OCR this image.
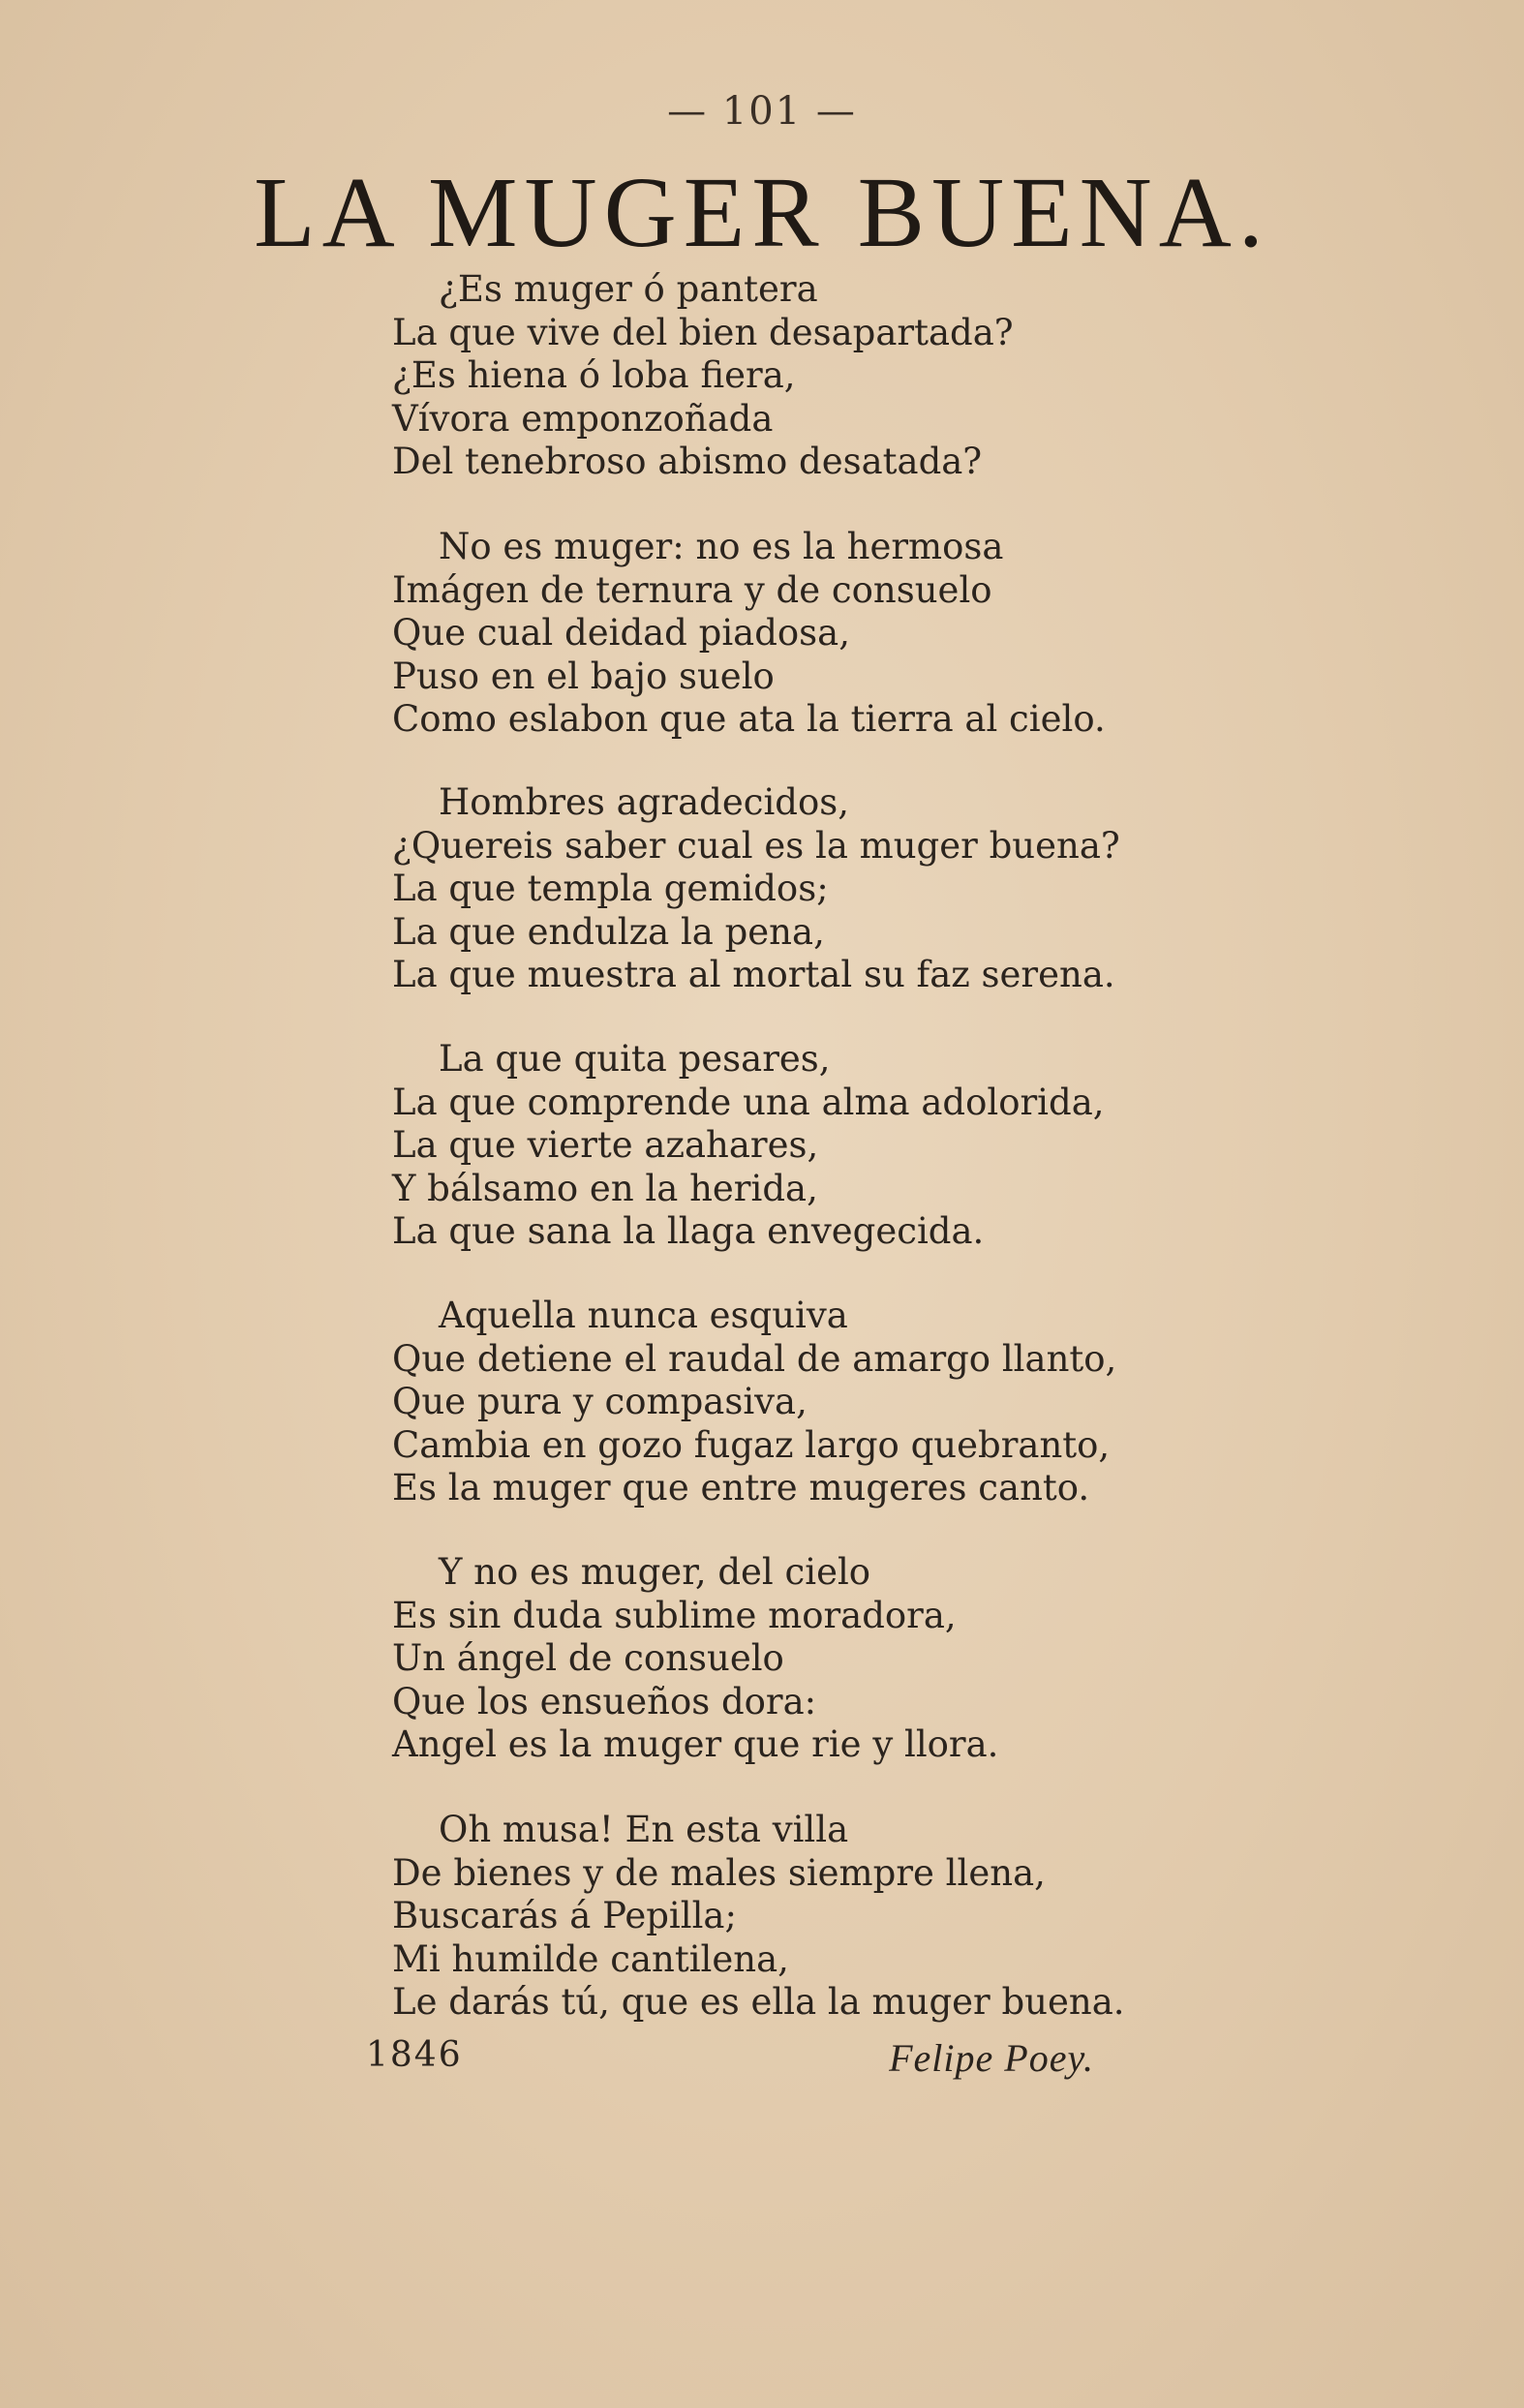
— 101 —
LA MUGER BUENA.
¿Es muger ó pantera
La que vive del bien desapartada?
¿Es hiena ó loba fiera,
Vívora emponzoñada
Del tenebroso abismo desatada?
No es muger: no es la hermosa
Imágen de ternura y de consuelo
Que cual deidad piadosa,
Puso en el bajo suelo
Como eslabon que ata la tierra al cielo.
Hombres agradecidos,
¿Quereis saber cual es la muger buena?
La que templa gemidos;
La que endulza la pena,
La que muestra al mortal su faz serena.
La que quita pesares,
La que comprende una alma adolorida,
La que vierte azahares,
Y bálsamo en la herida,
La que sana la llaga envegecida.
Aquella nunca esquiva
Que detiene el raudal de amargo llanto,
Que pura y compasiva,
Cambia en gozo fugaz largo quebranto,
Es la muger que entre mugeres canto.
Y no es muger, del cielo
Es sin duda sublime moradora,
Un ángel de consuelo
Que los ensueños dora:
Angel es la muger que rie y llora.
Oh musa! En esta villa
De bienes y de males siempre llena,
Buscarás á Pepilla;
Mi humilde cantilena,
Le darás tú, que es ella la muger buena.
1846	Felipe Poey.
